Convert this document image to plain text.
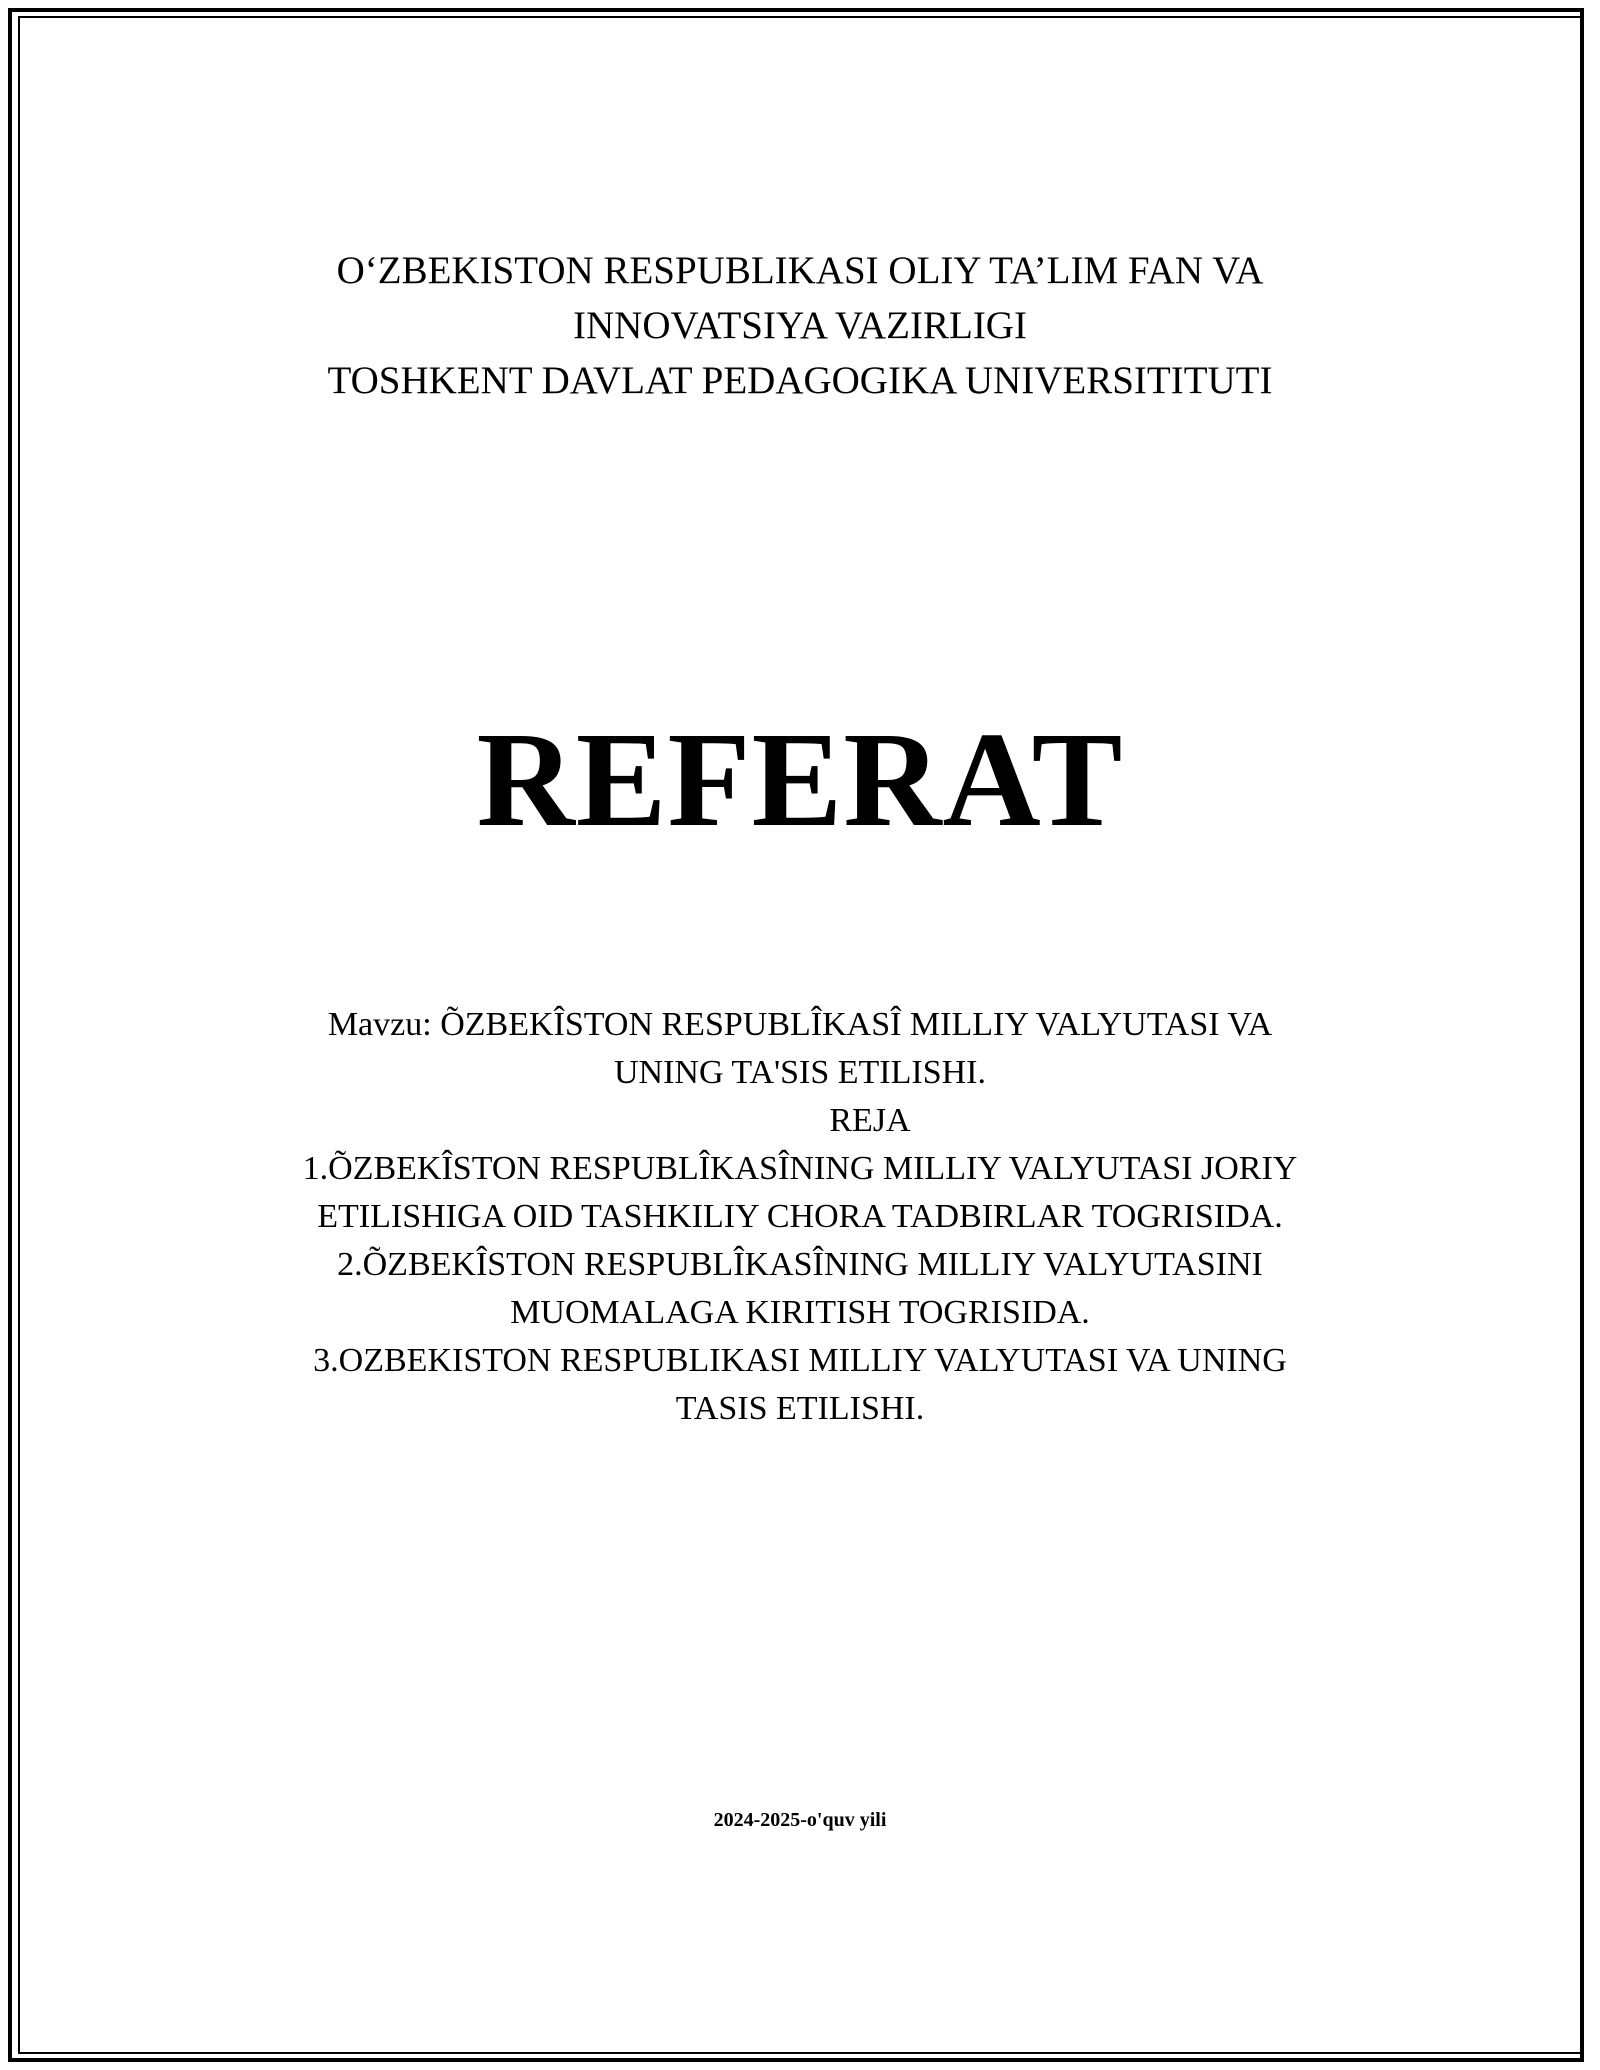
O‘ZBEKISTON RESPUBLIKASI OLIY TA’LIM FAN VA
INNOVATSIYA VAZIRLIGI
TOSHKENT DAVLAT PEDAGOGIKA UNIVERSITITUTI
REFERAT
Mavzu: ÕZBEKÎSTON RESPUBLÎKASÎ MILLIY VALYUTASI VA
UNING TA'SIS ETILISHI.
REJA
1.ÕZBEKÎSTON RESPUBLÎKASÎNING MILLIY VALYUTASI JORIY
ETILISHIGA OID TASHKILIY CHORA TADBIRLAR TOGRISIDA.
2.ÕZBEKÎSTON RESPUBLÎKASÎNING MILLIY VALYUTASINI
MUOMALAGA KIRITISH TOGRISIDA.
3.OZBEKISTON RESPUBLIKASI MILLIY VALYUTASI VA UNING
TASIS ETILISHI.
2024-2025-o'quv yili
